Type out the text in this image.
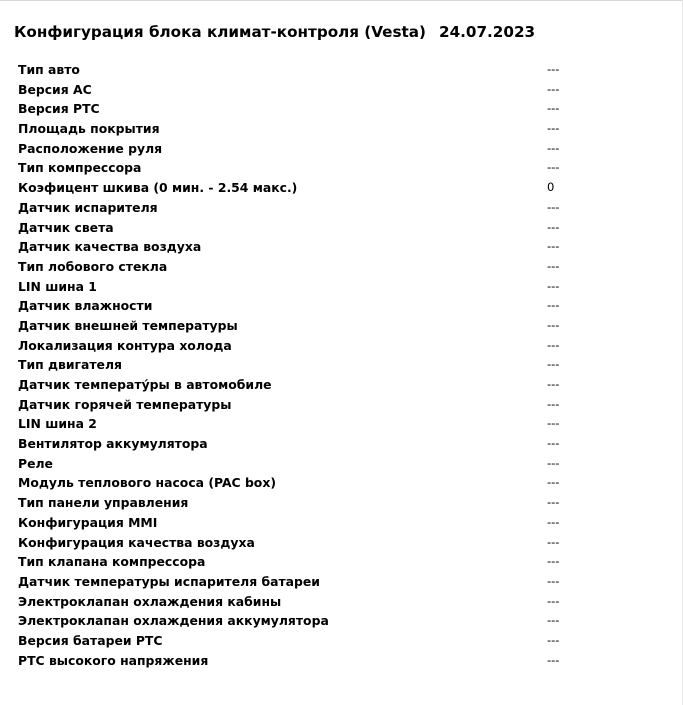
Конфигурация блока климат-контроля (Vesta) 24.07.2023
Тип авто	---
Версия AC	---
Версия PTC	---
Площадь покрытия	---
Расположение руля	---
Тип компрессора	---
Коэфицент шкива (0 мин. - 2.54 макс.)	0
Датчик испарителя	---
Датчик света	---
Датчик качества воздуха	---
Тип лобового стекла	---
LIN шина 1	---
Датчик влажности	---
Датчик внешней температуры	---
Локализация контура холода	---
Тип двигателя	---
Датчик температу́ры в автомобиле	---
Датчик горячей температуры	---
LIN шина 2	---
Вентилятор аккумулятора	---
Реле	---
Модуль теплового насоса (PAC box)	---
Тип панели управления	---
Конфигурация MMI	---
Конфигурация качества воздуха	---
Тип клапана компрессора	---
Датчик температуры испарителя батареи	---
Электроклапан охлаждения кабины	---
Электроклапан охлаждения аккумулятора	---
Версия батареи PTC	---
PTC высокого напряжения	---
